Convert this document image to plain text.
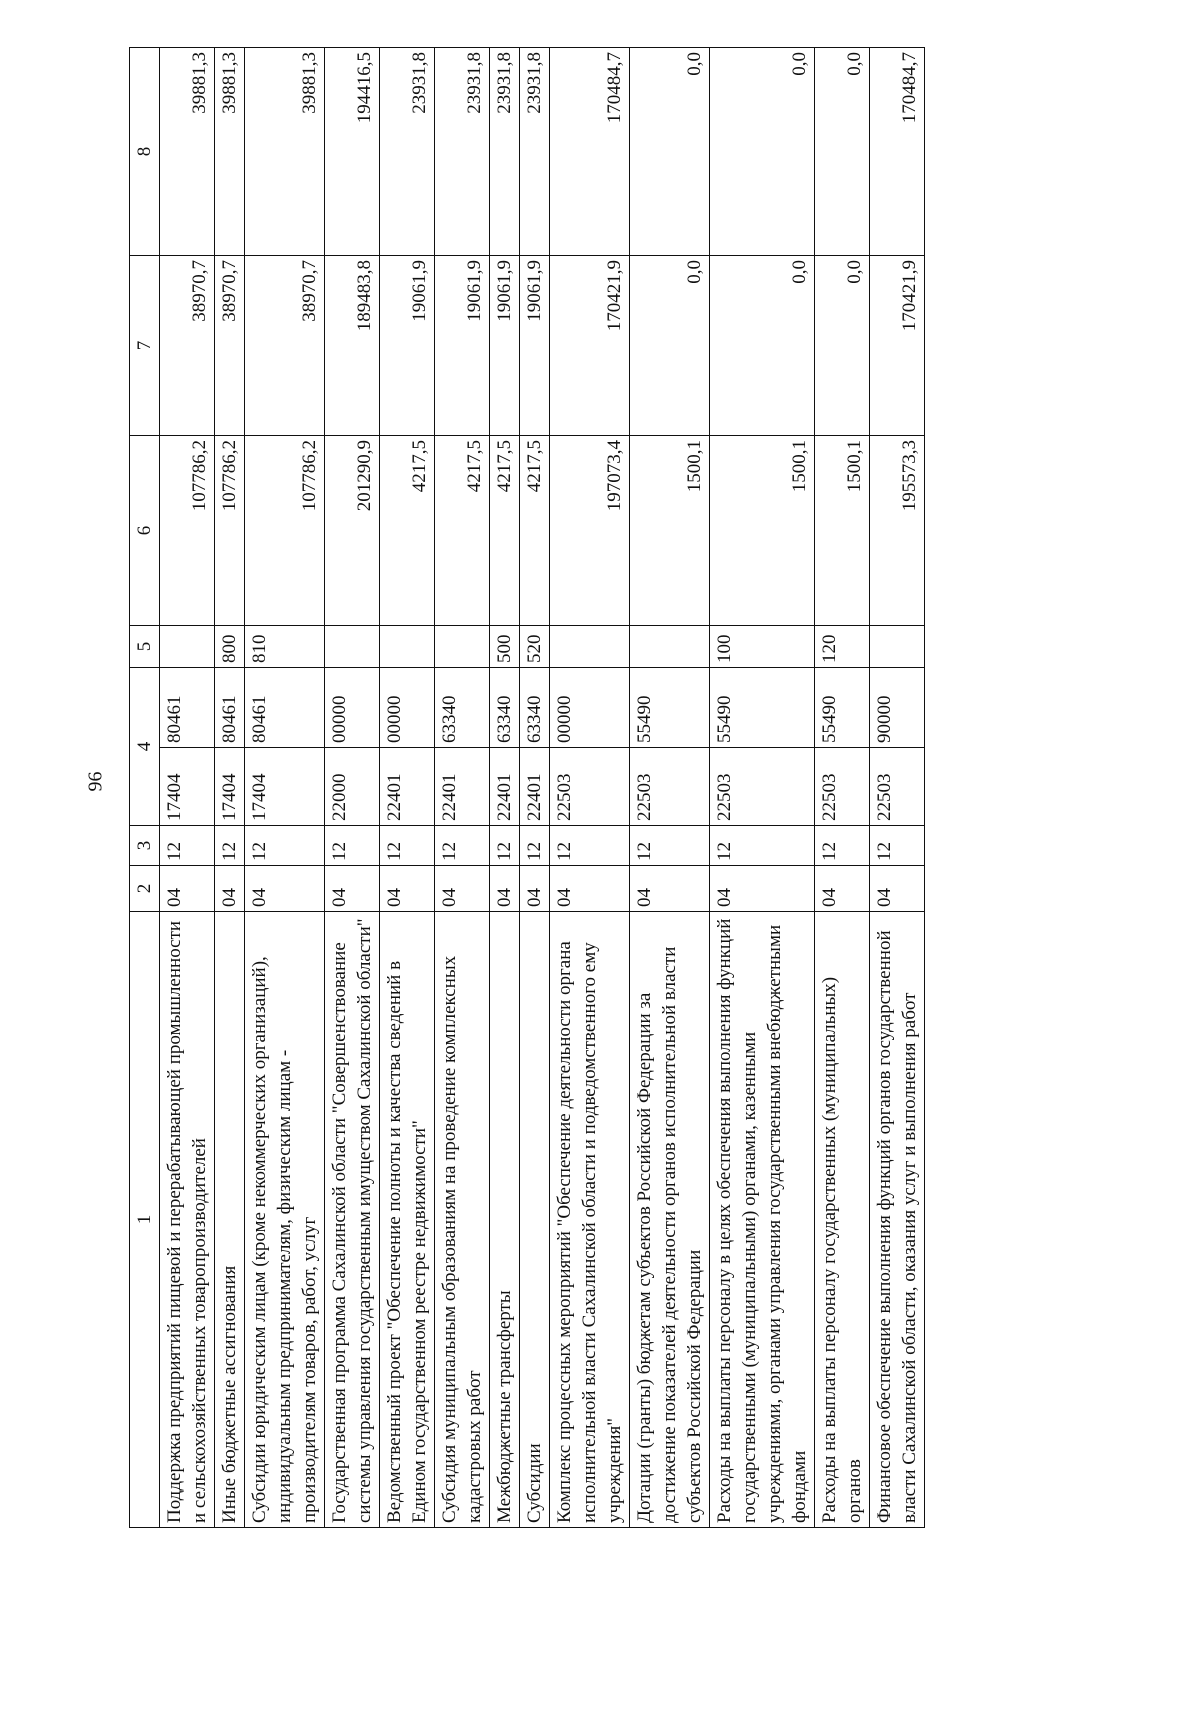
96
1	2	3	4		5	6	7	8
Поддержка предприятий пищевой и перерабатывающей промышленности и сельскохозяйственных товаропроизводителей	04	12	17404	80461		107786,2	38970,7	39881,3
Иные бюджетные ассигнования	04	12	17404	80461	800	107786,2	38970,7	39881,3
Субсидии юридическим лицам (кроме некоммерческих организаций), индивидуальным предпринимателям, физическим лицам - производителям товаров, работ, услуг	04	12	17404	80461	810	107786,2	38970,7	39881,3
Государственная программа Сахалинской области "Совершенствование системы управления государственным имуществом Сахалинской области"	04	12	22000	00000		201290,9	189483,8	194416,5
Ведомственный проект "Обеспечение полноты и качества сведений в Едином государственном реестре недвижимости"	04	12	22401	00000		4217,5	19061,9	23931,8
Субсидия муниципальным образованиям на проведение комплексных кадастровых работ	04	12	22401	63340		4217,5	19061,9	23931,8
Межбюджетные трансферты	04	12	22401	63340	500	4217,5	19061,9	23931,8
Субсидии	04	12	22401	63340	520	4217,5	19061,9	23931,8
Комплекс процессных мероприятий "Обеспечение деятельности органа исполнительной власти Сахалинской области и подведомственного ему учреждения"	04	12	22503	00000		197073,4	170421,9	170484,7
Дотации (гранты) бюджетам субъектов Российской Федерации за достижение показателей деятельности органов исполнительной власти субъектов Российской Федерации	04	12	22503	55490		1500,1	0,0	0,0
Расходы на выплаты персоналу в целях обеспечения выполнения функций государственными (муниципальными) органами, казенными учреждениями, органами управления государственными внебюджетными фондами	04	12	22503	55490	100	1500,1	0,0	0,0
Расходы на выплаты персоналу государственных (муниципальных) органов	04	12	22503	55490	120	1500,1	0,0	0,0
Финансовое обеспечение выполнения функций органов государственной власти Сахалинской области, оказания услуг и выполнения работ	04	12	22503	90000		195573,3	170421,9	170484,7
